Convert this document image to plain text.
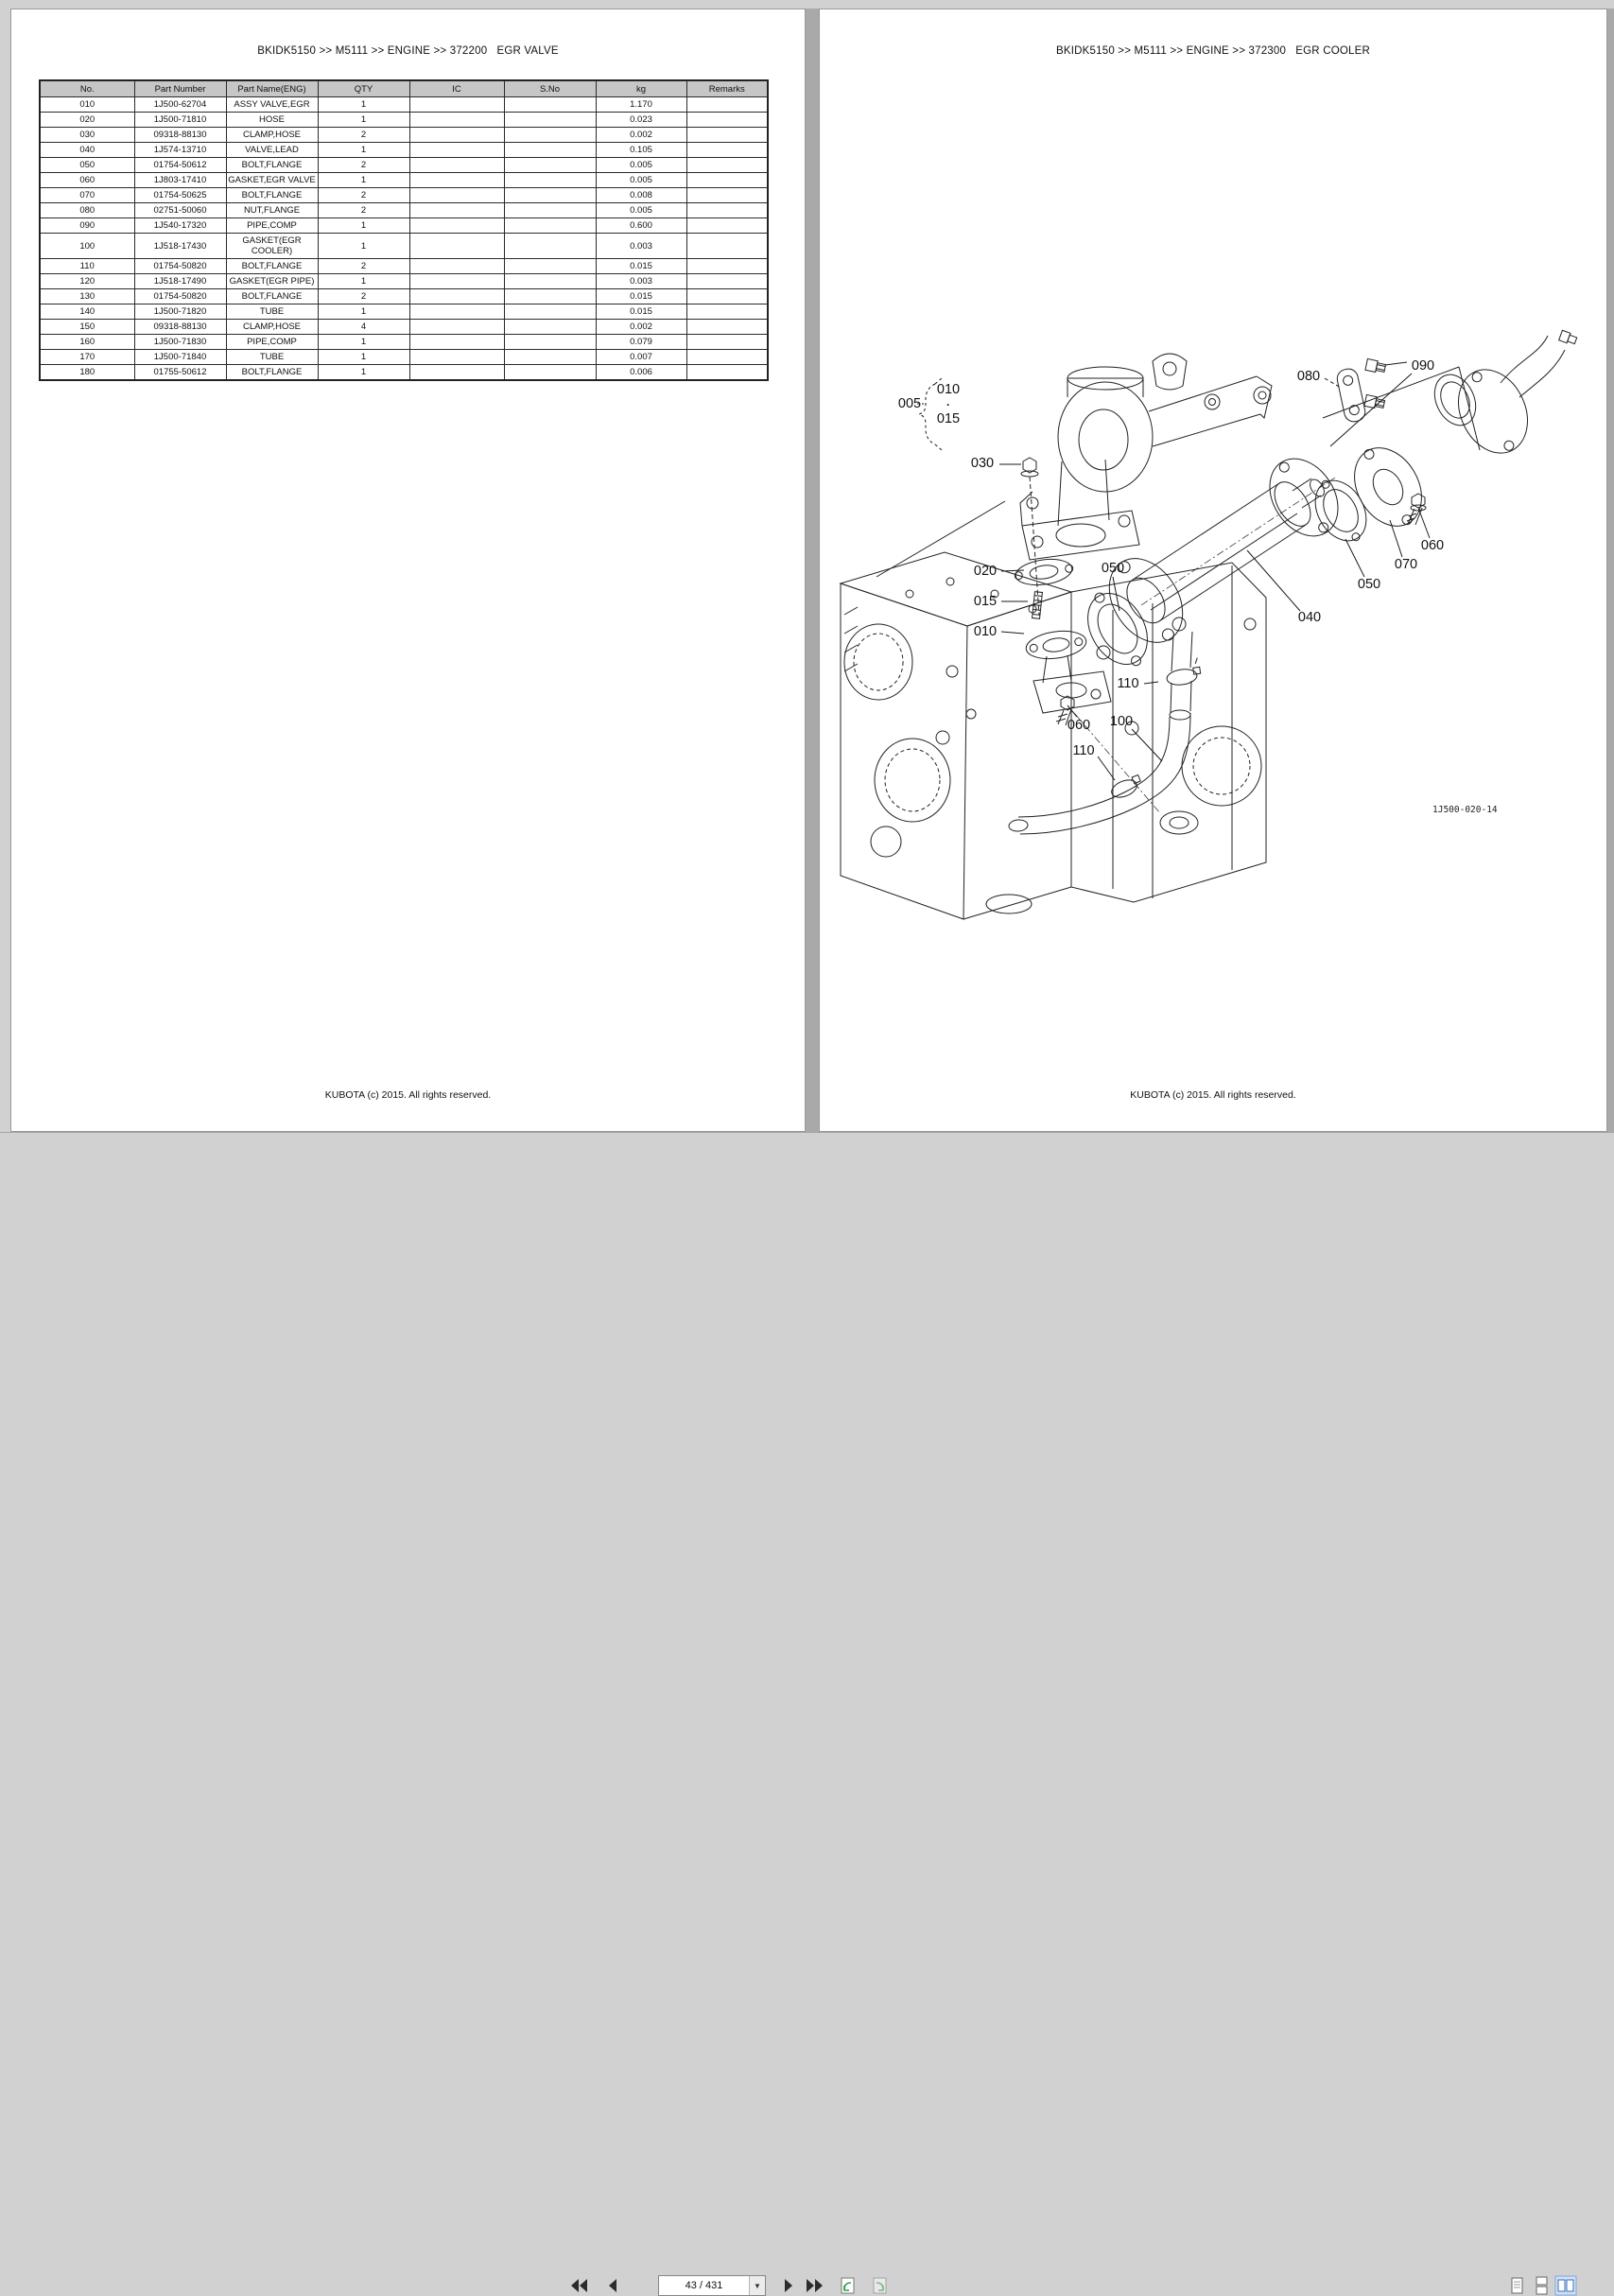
BKIDK5150 >> M5111 >> ENGINE >> 372200   EGR VALVE
No.	Part Number	Part Name(ENG)	QTY	IC	S.No	kg	Remarks
010	1J500-62704	ASSY VALVE,EGR	1			1.170	
020	1J500-71810	HOSE	1			0.023	
030	09318-88130	CLAMP,HOSE	2			0.002	
040	1J574-13710	VALVE,LEAD	1			0.105	
050	01754-50612	BOLT,FLANGE	2			0.005	
060	1J803-17410	GASKET,EGR VALVE	1			0.005	
070	01754-50625	BOLT,FLANGE	2			0.008	
080	02751-50060	NUT,FLANGE	2			0.005	
090	1J540-17320	PIPE,COMP	1			0.600	
100	1J518-17430	GASKET(EGR COOLER)	1			0.003	
110	01754-50820	BOLT,FLANGE	2			0.015	
120	1J518-17490	GASKET(EGR PIPE)	1			0.003	
130	01754-50820	BOLT,FLANGE	2			0.015	
140	1J500-71820	TUBE	1			0.015	
150	09318-88130	CLAMP,HOSE	4			0.002	
160	1J500-71830	PIPE,COMP	1			0.079	
170	1J500-71840	TUBE	1			0.007	
180	01755-50612	BOLT,FLANGE	1			0.006	
KUBOTA (c) 2015. All rights reserved.
BKIDK5150 >> M5111 >> ENGINE >> 372300   EGR COOLER
005
010
·
015
030
020
015
010
080
090
050
040
060
070
050
110
100
060
110
1J500-020-14
KUBOTA (c) 2015. All rights reserved.
43 / 431	▼
